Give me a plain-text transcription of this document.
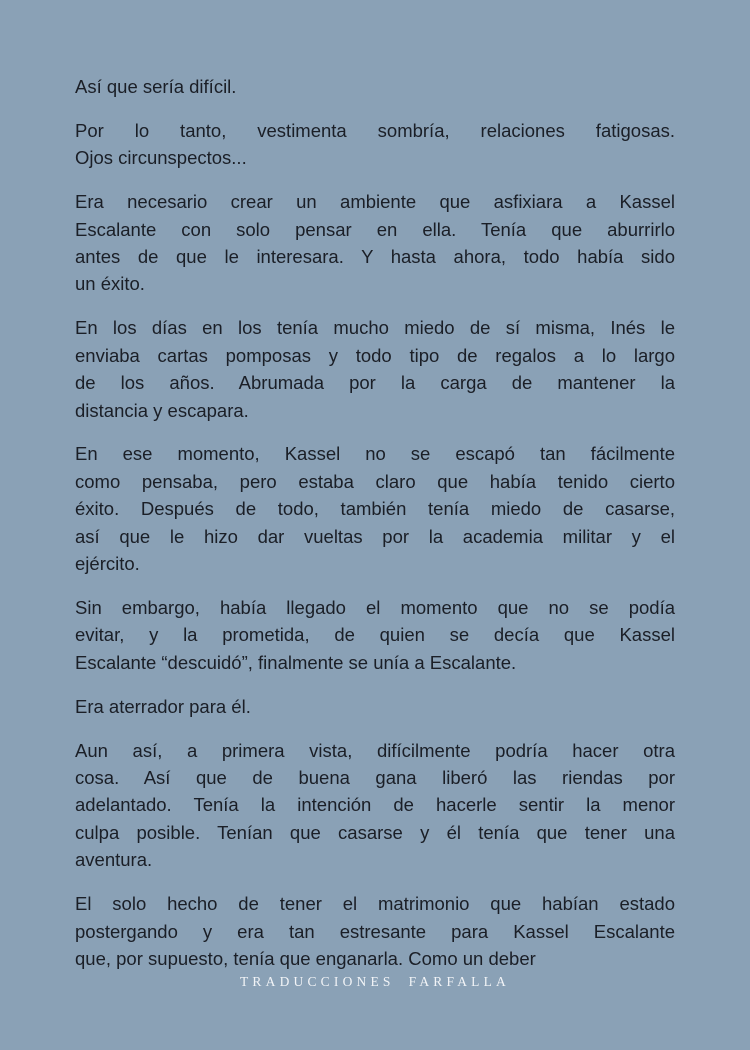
Así que sería difícil.
Por lo tanto, vestimenta sombría, relaciones fatigosas.
Ojos circunspectos...
Era necesario crear un ambiente que asfixiara a Kassel
Escalante con solo pensar en ella. Tenía que aburrirlo
antes de que le interesara. Y hasta ahora, todo había sido
un éxito.
En los días en los tenía mucho miedo de sí misma, Inés le
enviaba cartas pomposas y todo tipo de regalos a lo largo
de los años. Abrumada por la carga de mantener la
distancia y escapara.
En ese momento, Kassel no se escapó tan fácilmente
como pensaba, pero estaba claro que había tenido cierto
éxito. Después de todo, también tenía miedo de casarse,
así que le hizo dar vueltas por la academia militar y el
ejército.
Sin embargo, había llegado el momento que no se podía
evitar, y la prometida, de quien se decía que Kassel
Escalante “descuidó”, finalmente se unía a Escalante.
Era aterrador para él.
Aun así, a primera vista, difícilmente podría hacer otra
cosa. Así que de buena gana liberó las riendas por
adelantado. Tenía la intención de hacerle sentir la menor
culpa posible. Tenían que casarse y él tenía que tener una
aventura.
El solo hecho de tener el matrimonio que habían estado
postergando y era tan estresante para Kassel Escalante
que, por supuesto, tenía que enganarla. Como un deber
TRADUCCIONES FARFALLA
